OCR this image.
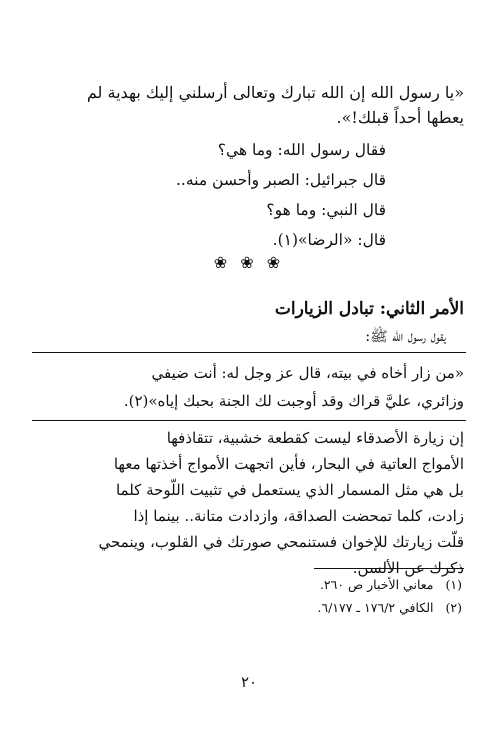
«يا رسول الله إن الله تبارك وتعالى أرسلني إليك بهدية لم
يعطها أحداً قبلك!».
فقال رسول الله: وما هي؟
قال جبرائيل: الصبر وأحسن منه..
قال النبي: وما هو؟
قال: «الرضا»(١).
❀ ❀ ❀
الأمر الثاني: تبادل الزيارات
يقول رسول الله ﷺ:
«من زار أخاه في بيته، قال عز وجل له: أنت ضيفي
وزائري، عليَّ قراك وقد أوجبت لك الجنة بحبك إياه»(٢).
إن زيارة الأصدقاء ليست كقطعة خشبية، تتقاذفها
الأمواج العاتية في البحار، فأين اتجهت الأمواج أخذتها معها
بل هي مثل المسمار الذي يستعمل في تثبيت اللّوحة كلما
زادت، كلما تمحضت الصداقة، وازدادت متانة.. بينما إذا
قلّت زيارتك للإخوان فستنمحي صورتك في القلوب، وينمحي
ذكرك عن الألسن.
(١)معاني الأخبار ص ٢٦٠.
(٢)الكافي ١٧٦/٢ ـ ٦/١٧٧.
٢٠
